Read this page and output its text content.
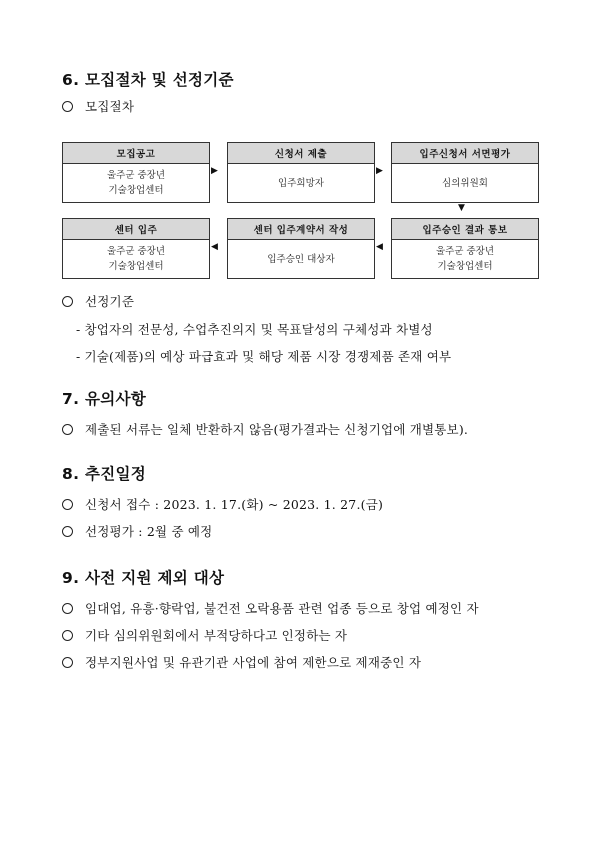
6. 모집절차 및 선정기준
모집절차
모집공고
울주군 중장년
기술창업센터
▶
신청서 제출
입주희망자
▶
입주신청서 서면평가
심의위원회
▼
센터 입주
울주군 중장년
기술창업센터
◀
센터 입주계약서 작성
입주승인 대상자
◀
입주승인 결과 통보
울주군 중장년
기술창업센터
선정기준
- 창업자의 전문성, 수업추진의지 및 목표달성의 구체성과 차별성
- 기술(제품)의 예상 파급효과 및 해당 제품 시장 경쟁제품 존재 여부
7. 유의사항
제출된 서류는 일체 반환하지 않음(평가결과는 신청기업에 개별통보).
8. 추진일정
신청서 접수 : 2023. 1. 17.(화) ~ 2023. 1. 27.(금)
선정평가 : 2월 중 예정
9. 사전 지원 제외 대상
임대업, 유흥·향락업, 불건전 오락용품 관련 업종 등으로 창업 예정인 자
기타 심의위원회에서 부적당하다고 인정하는 자
정부지원사업 및 유관기관 사업에 참여 제한으로 제재중인 자
